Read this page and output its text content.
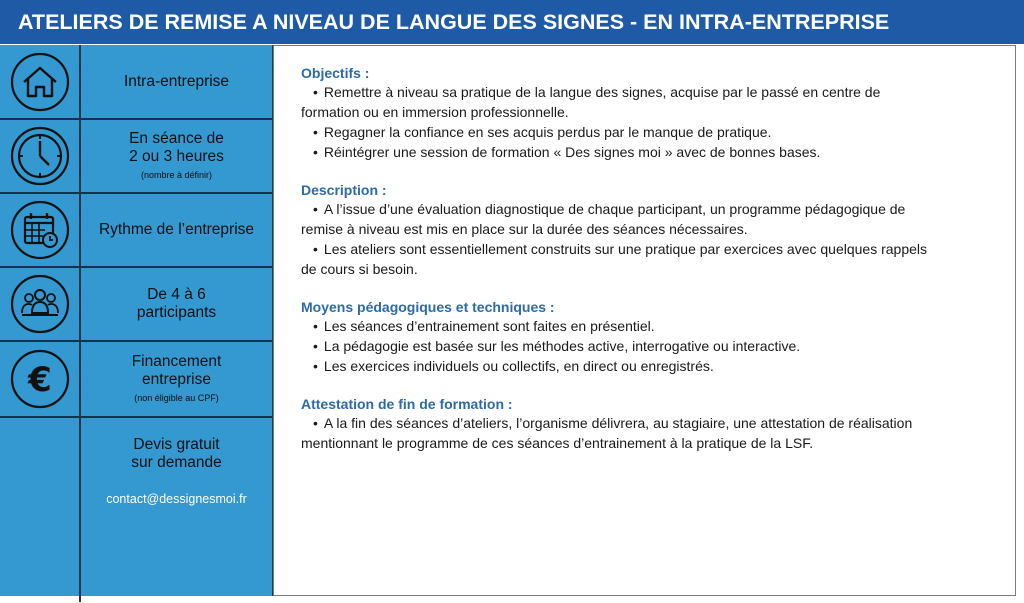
ATELIERS DE REMISE A NIVEAU DE LANGUE DES SIGNES - EN INTRA-ENTREPRISE
Intra-entreprise
En séance de
2 ou 3 heures
(nombre à définir)
Rythme de l’entreprise
De 4 à 6
participants
€	Financement
entreprise
(non éligible au CPF)
Devis gratuit
sur demande
contact@dessignesmoi.fr

Objectifs :

• Remettre à niveau sa pratique de la langue des signes, acquise par le passé en centre de
formation ou en immersion professionnelle.

• Regagner la confiance en ses acquis perdus par le manque de pratique.

• Réintégrer une session de formation « Des signes moi » avec de bonnes bases.

Description :

• A l’issue d’une évaluation diagnostique de chaque participant, un programme pédagogique de
remise à niveau est mis en place sur la durée des séances nécessaires.

• Les ateliers sont essentiellement construits sur une pratique par exercices avec quelques rappels
de cours si besoin.

Moyens pédagogiques et techniques :

• Les séances d’entrainement sont faites en présentiel.

• La pédagogie est basée sur les méthodes active, interrogative ou interactive.

• Les exercices individuels ou collectifs, en direct ou enregistrés.

Attestation de fin de formation :

• A la fin des séances d’ateliers, l’organisme délivrera, au stagiaire, une attestation de réalisation
mentionnant le programme de ces séances d’entrainement à la pratique de la LSF.
